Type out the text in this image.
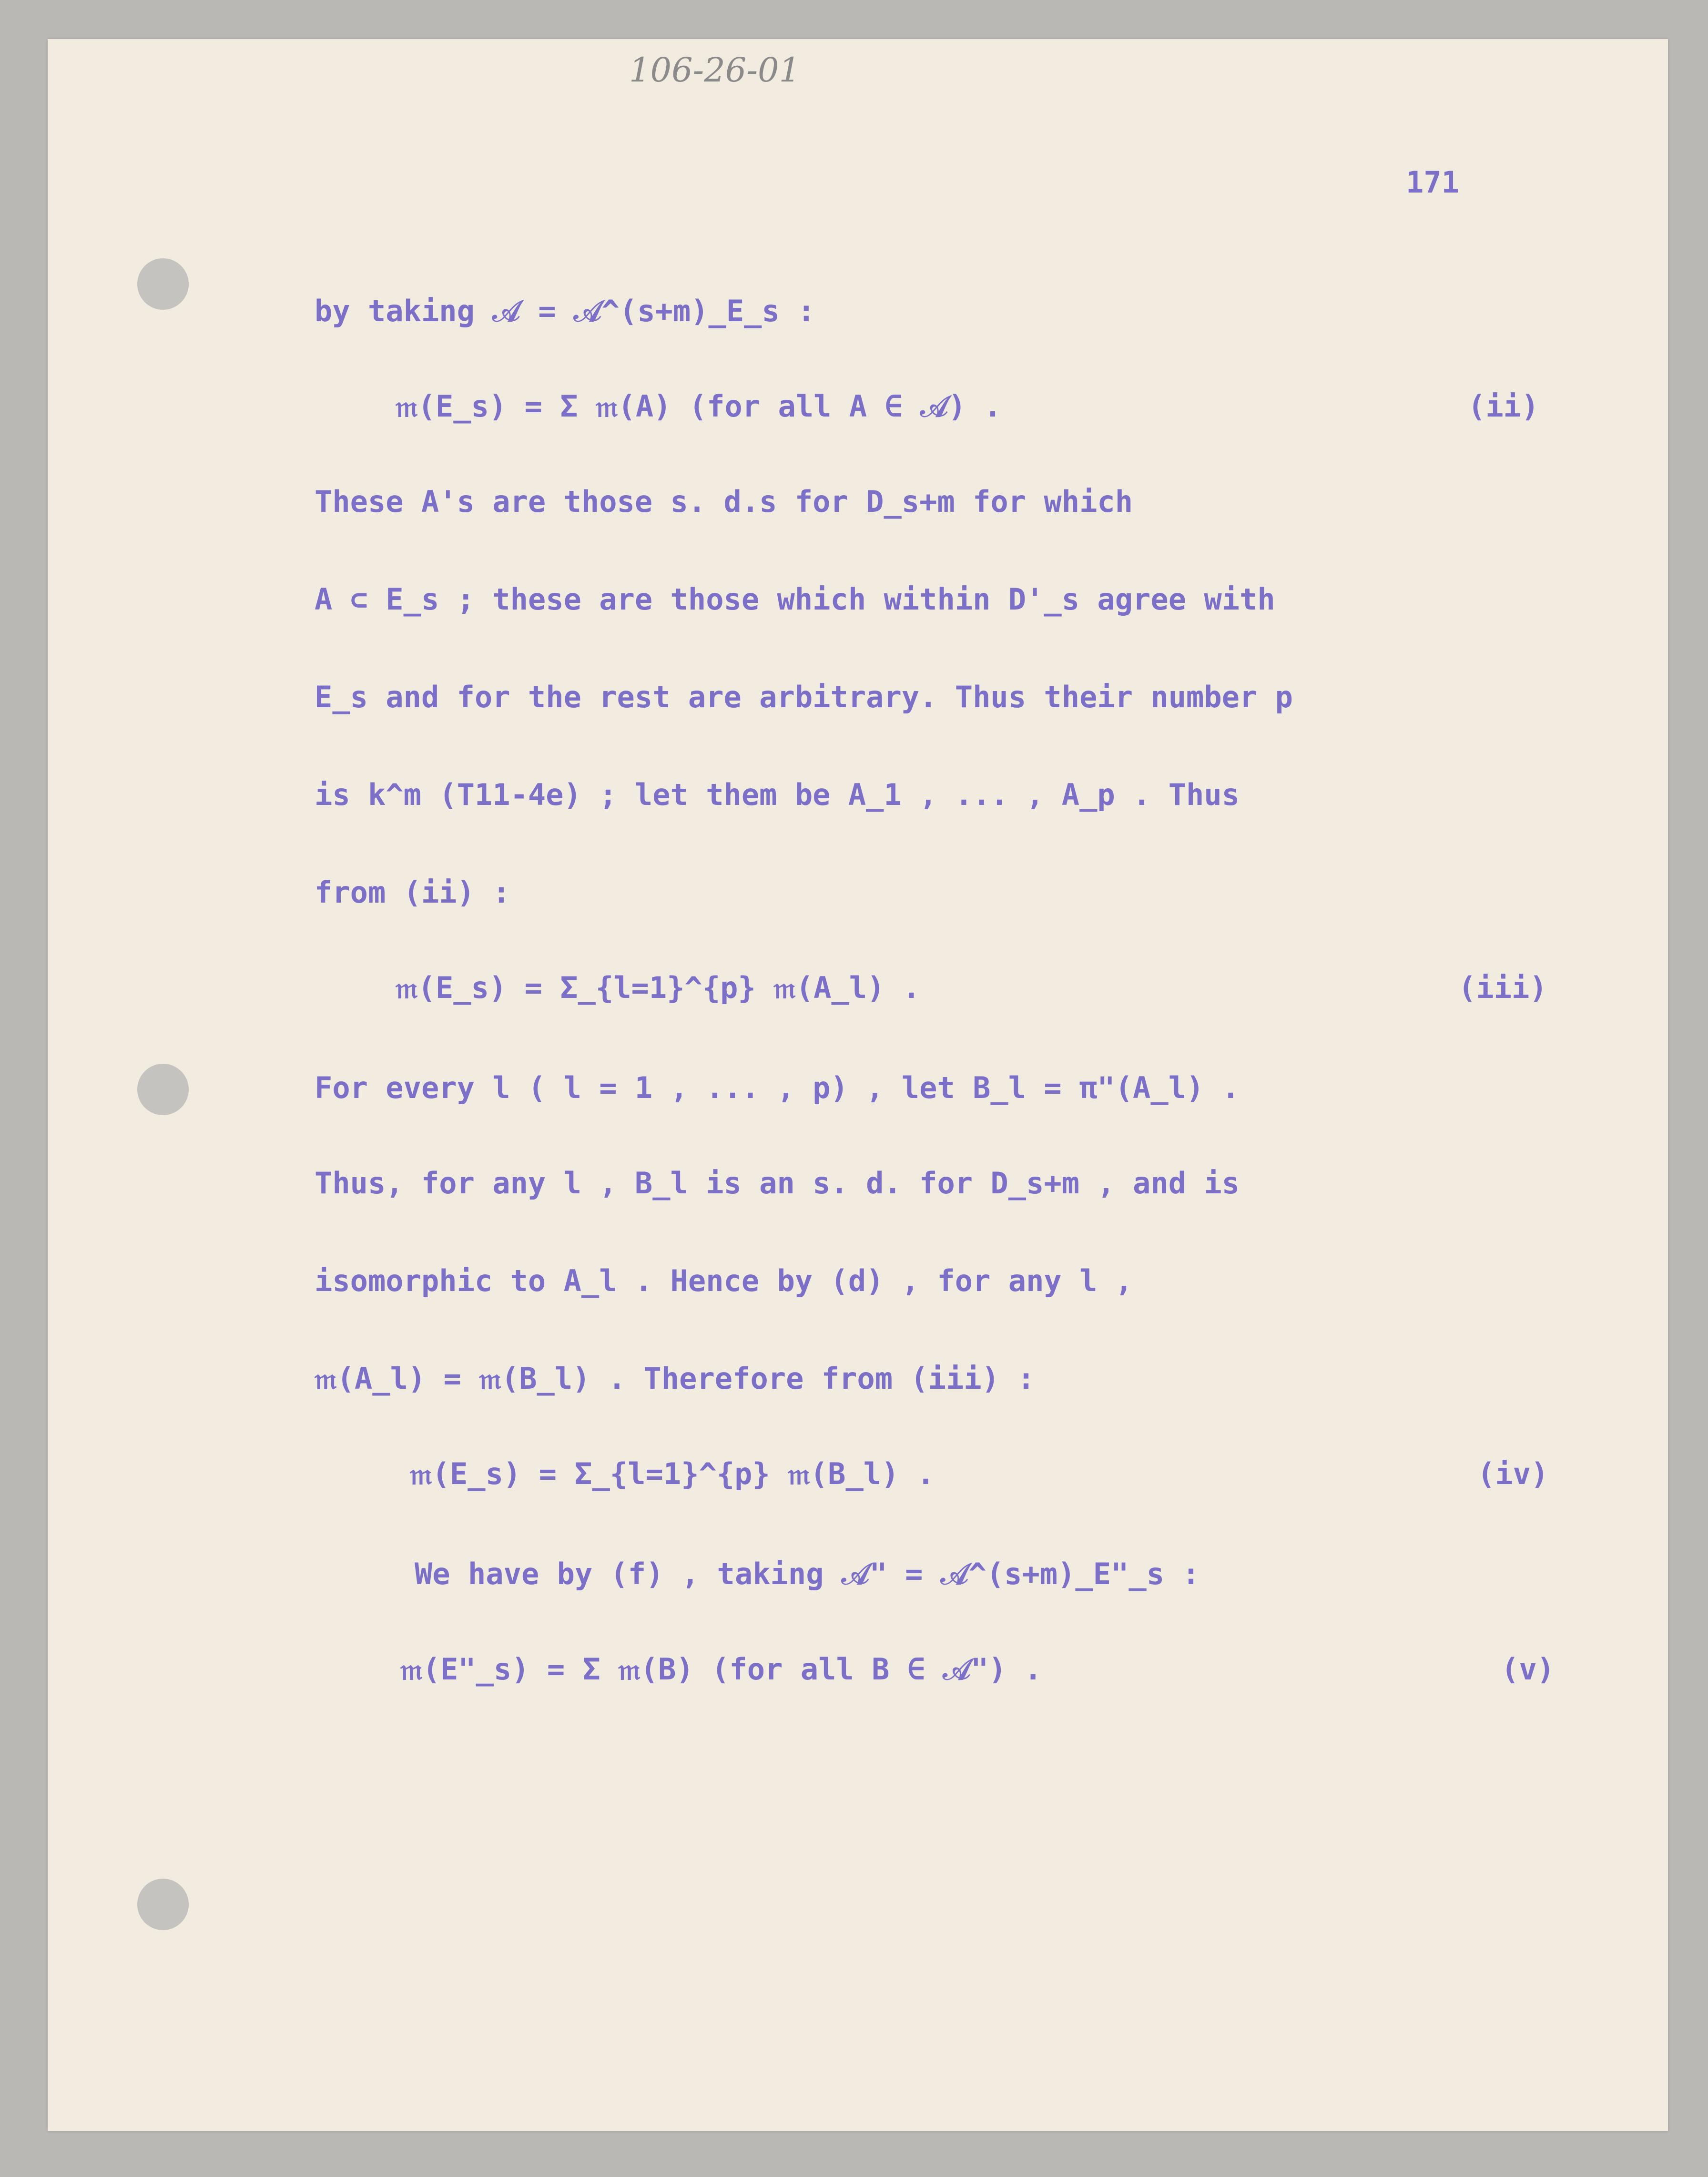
106-26-01
171
by taking 𝒜 = 𝒜^(s+m)_E_s :
𝔪(E_s) = Σ 𝔪(A) (for all A ∈ 𝒜) .	(ii)
These A's are those s. d.s for D_s+m for which
A ⊂ E_s ; these are those which within D'_s agree with
E_s and for the rest are arbitrary. Thus their number p
is k^m (T11-4e) ; let them be A_1 , ... , A_p . Thus
from (ii) :
𝔪(E_s) = Σ_{l=1}^{p} 𝔪(A_l) .	(iii)
For every l ( l = 1 , ... , p) , let B_l = π"(A_l) .
Thus, for any l , B_l is an s. d. for D_s+m , and is
isomorphic to A_l . Hence by (d) , for any l ,
𝔪(A_l) = 𝔪(B_l) . Therefore from (iii) :
𝔪(E_s) = Σ_{l=1}^{p} 𝔪(B_l) .	(iv)
We have by (f) , taking 𝒜" = 𝒜^(s+m)_E"_s :
𝔪(E"_s) = Σ 𝔪(B) (for all B ∈ 𝒜") .	(v)
